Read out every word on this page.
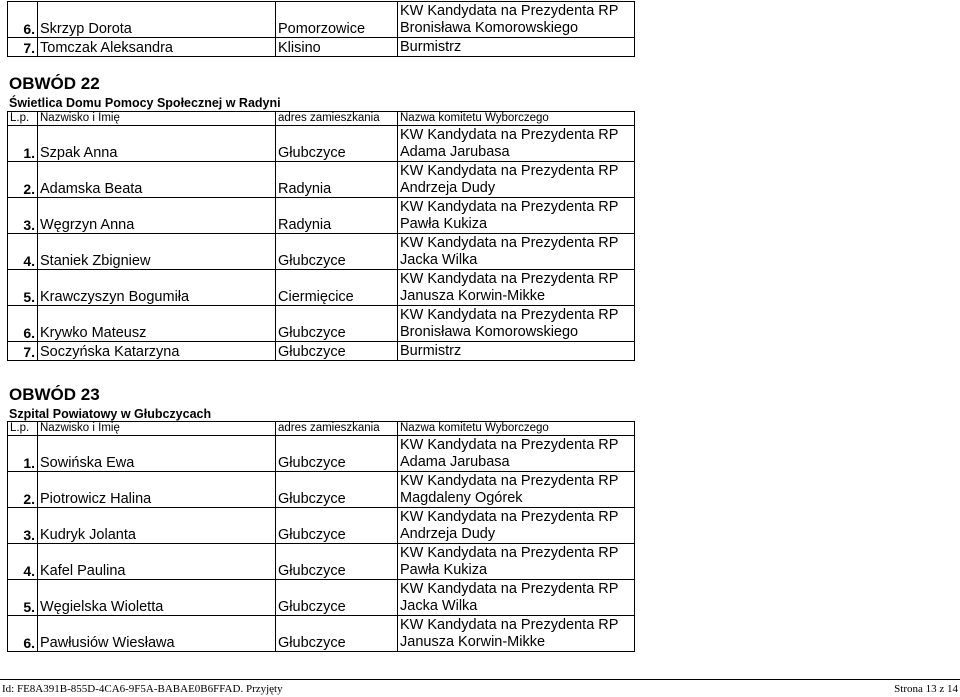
6.	Skrzyp Dorota	Pomorzowice	KW Kandydata na Prezydenta RP
Bronisława Komorowskiego

7.	Tomczak Aleksandra	Klisino	Burmistrz
OBWÓD 22
Świetlica Domu Pomocy Społecznej w Radyni
L.p.	Nazwisko i Imię	adres zamieszkania	Nazwa komitetu Wyborczego
1.	Szpak Anna	Głubczyce	KW Kandydata na Prezydenta RP
Adama Jarubasa

2.	Adamska Beata	Radynia	KW Kandydata na Prezydenta RP
Andrzeja Dudy

3.	Węgrzyn Anna	Radynia	KW Kandydata na Prezydenta RP
Pawła Kukiza

4.	Staniek Zbigniew	Głubczyce	KW Kandydata na Prezydenta RP
Jacka Wilka

5.	Krawczyszyn Bogumiła	Ciermięcice	KW Kandydata na Prezydenta RP
Janusza Korwin-Mikke

6.	Krywko Mateusz	Głubczyce	KW Kandydata na Prezydenta RP
Bronisława Komorowskiego

7.	Soczyńska Katarzyna	Głubczyce	Burmistrz
OBWÓD 23
Szpital Powiatowy w Głubczycach
L.p.	Nazwisko i Imię	adres zamieszkania	Nazwa komitetu Wyborczego
1.	Sowińska Ewa	Głubczyce	KW Kandydata na Prezydenta RP
Adama Jarubasa

2.	Piotrowicz Halina	Głubczyce	KW Kandydata na Prezydenta RP
Magdaleny Ogórek

3.	Kudryk Jolanta	Głubczyce	KW Kandydata na Prezydenta RP
Andrzeja Dudy

4.	Kafel Paulina	Głubczyce	KW Kandydata na Prezydenta RP
Pawła Kukiza

5.	Węgielska Wioletta	Głubczyce	KW Kandydata na Prezydenta RP
Jacka Wilka

6.	Pawłusiów Wiesława	Głubczyce	KW Kandydata na Prezydenta RP
Janusza Korwin-Mikke
Id: FE8A391B-855D-4CA6-9F5A-BABAE0B6FFAD. Przyjęty	Strona 13 z 14
